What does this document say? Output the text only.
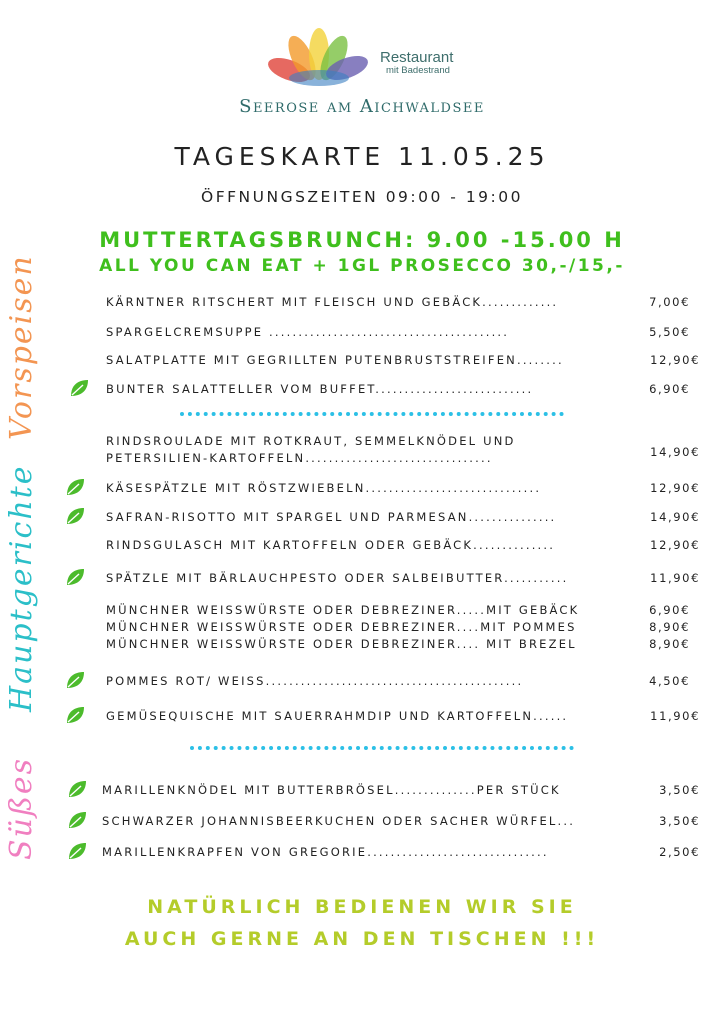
Restaurant
mit Badestrand
Seerose am Aichwaldsee
TAGESKARTE 11.05.25
ÖFFNUNGSZEITEN 09:00 - 19:00
MUTTERTAGSBRUNCH: 9.00 -15.00 H
ALL YOU CAN EAT + 1GL PROSECCO 30,-/15,-
Vorspeisen
Hauptgerichte
Süßes
KÄRNTNER RITSCHERT MIT FLEISCH UND GEBÄCK.............	7,00€
SPARGELCREMSUPPE .........................................	5,50€
SALATPLATTE MIT GEGRILLTEN PUTENBRUSTSTREIFEN........	12,90€
BUNTER SALATTELLER VOM BUFFET...........................	6,90€
RINDSROULADE MIT ROTKRAUT, SEMMELKNÖDEL UND
PETERSILIEN-KARTOFFELN................................	14,90€
KÄSESPÄTZLE MIT RÖSTZWIEBELN..............................	12,90€
SAFRAN-RISOTTO MIT SPARGEL UND PARMESAN...............	14,90€
RINDSGULASCH MIT KARTOFFELN ODER GEBÄCK..............	12,90€
SPÄTZLE MIT BÄRLAUCHPESTO ODER SALBEIBUTTER...........	11,90€
MÜNCHNER WEISSWÜRSTE ODER DEBREZINER.....MIT GEBÄCK	6,90€
MÜNCHNER WEISSWÜRSTE ODER DEBREZINER....MIT POMMES	8,90€
MÜNCHNER WEISSWÜRSTE ODER DEBREZINER.... MIT BREZEL	8,90€
POMMES ROT/ WEISS............................................	4,50€
GEMÜSEQUISCHE MIT SAUERRAHMDIP UND KARTOFFELN......	11,90€
MARILLENKNÖDEL MIT BUTTERBRÖSEL..............PER STÜCK	3,50€
SCHWARZER JOHANNISBEERKUCHEN ODER SACHER WÜRFEL...	3,50€
MARILLENKRAPFEN VON GREGORIE...............................	2,50€
NATÜRLICH BEDIENEN WIR SIE
AUCH GERNE AN DEN TISCHEN !!!
